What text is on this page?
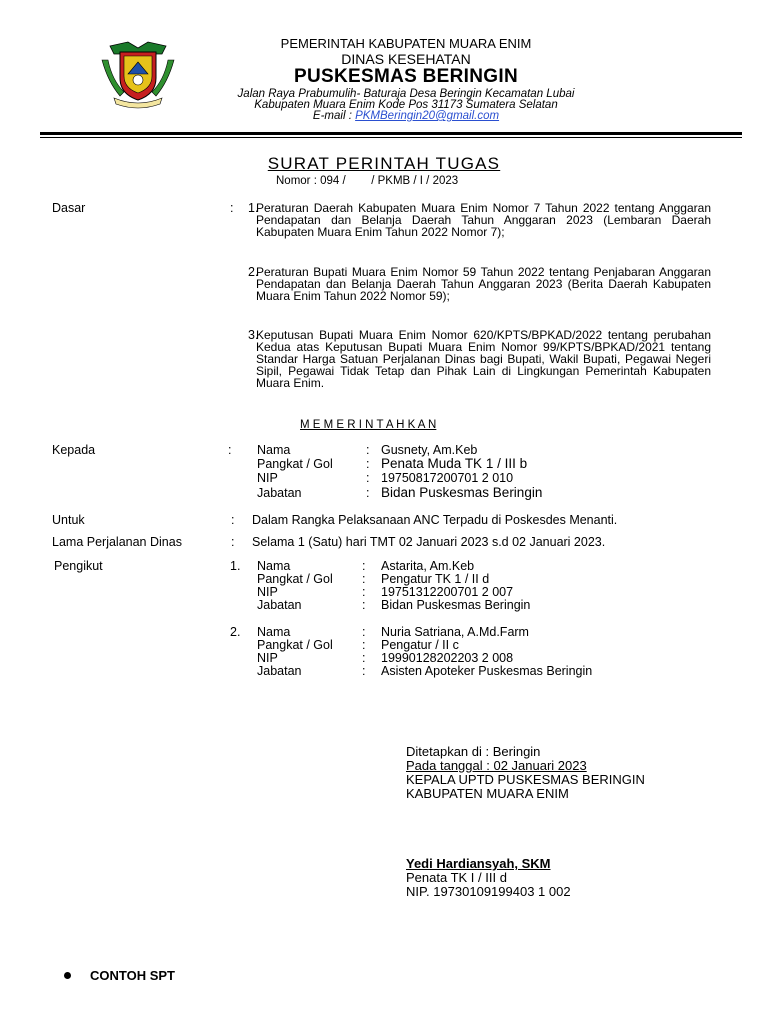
PEMERINTAH KABUPATEN MUARA ENIM
DINAS KESEHATAN
PUSKESMAS BERINGIN
Jalan Raya Prabumulih- Baturaja Desa Beringin Kecamatan Lubai
Kabupaten Muara Enim Kode Pos 31173 Sumatera Selatan
E-mail : PKMBeringin20@gmail.com
SURAT PERINTAH TUGAS
Nomor : 094 /        / PKMB / I / 2023
Dasar	: 1.
Peraturan Daerah Kabupaten Muara Enim Nomor 7 Tahun 2022 tentang Anggaran Pendapatan dan Belanja Daerah Tahun Anggaran 2023 (Lembaran Daerah Kabupaten Muara Enim Tahun 2022 Nomor 7);
2.
Peraturan Bupati Muara Enim Nomor 59 Tahun 2022 tentang Penjabaran Anggaran Pendapatan dan Belanja Daerah Tahun Anggaran 2023 (Berita Daerah Kabupaten Muara Enim Tahun 2022 Nomor 59);
3.
Keputusan Bupati Muara Enim Nomor 620/KPTS/BPKAD/2022 tentang perubahan Kedua atas Keputusan Bupati Muara Enim Nomor 99/KPTS/BPKAD/2021 tentang Standar Harga Satuan Perjalanan Dinas bagi Bupati, Wakil Bupati, Pegawai Negeri Sipil, Pegawai Tidak Tetap dan Pihak Lain di Lingkungan Pemerintah Kabupaten Muara Enim.
M E M E R I N T A H K A N
Kepada	: Nama	: Gusnety, Am.Keb
Pangkat / Gol	: Penata Muda TK 1 / III b
NIP	: 19750817200701 2 010
Jabatan	: Bidan Puskesmas Beringin
Untuk	: Dalam Rangka Pelaksanaan ANC Terpadu di Poskesdes Menanti.
Lama Perjalanan Dinas	: Selama 1 (Satu) hari TMT 02 Januari 2023 s.d 02 Januari 2023.
Pengikut	1. Nama	: Astarita, Am.Keb
Pangkat / Gol : Pengatur TK 1 / II d
NIP	: 19751312200701 2 007
Jabatan	: Bidan Puskesmas Beringin
2. Nama	: Nuria Satriana, A.Md.Farm
Pangkat / Gol : Pengatur / II c
NIP	: 19990128202203 2 008
Jabatan	: Asisten Apoteker Puskesmas Beringin
Ditetapkan di : Beringin
Pada tanggal : 02 Januari 2023
KEPALA UPTD PUSKESMAS BERINGIN
KABUPATEN MUARA ENIM
Yedi Hardiansyah, SKM
Penata TK I / III d
NIP. 19730109199403 1 002
CONTOH SPT
